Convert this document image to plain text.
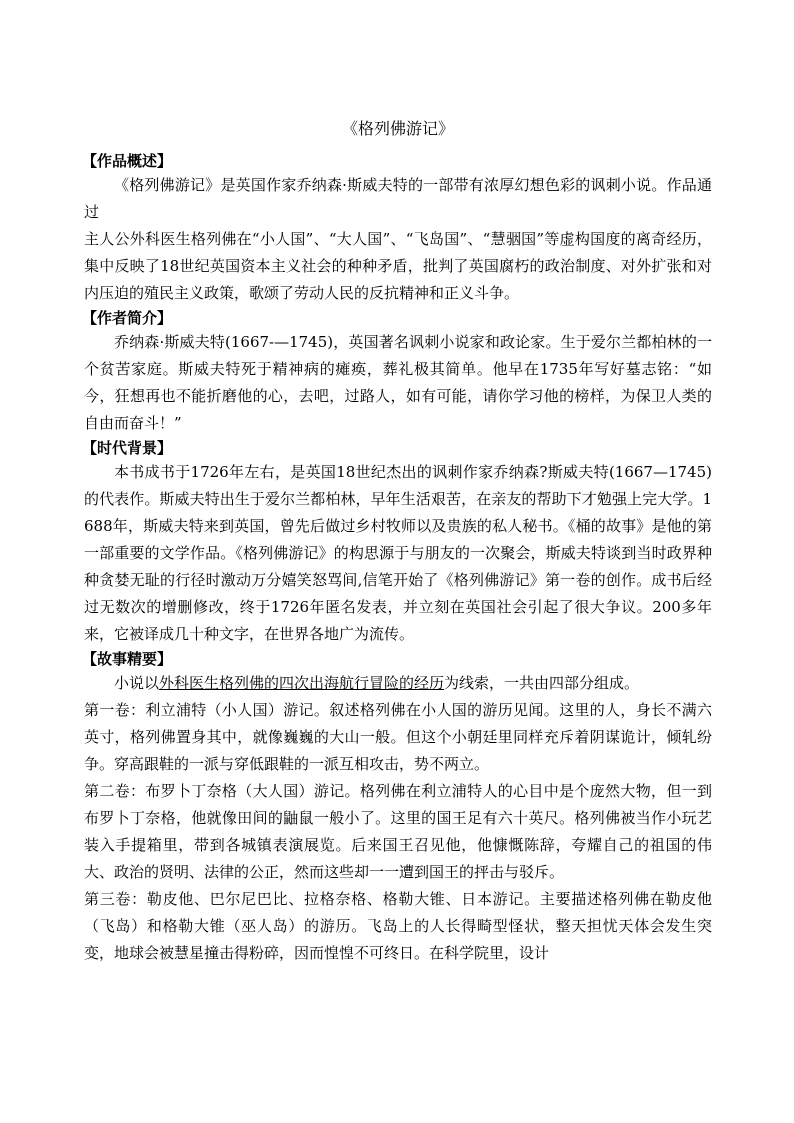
《格列佛游记》
【作品概述】
《格列佛游记》是英国作家乔纳森·斯威夫特的一部带有浓厚幻想色彩的讽刺小说。作品通过
主人公外科医生格列佛在“小人国”、“大人国”、“飞岛国”、“慧骃国”等虚构国度的离奇经历，集中反映了18世纪英国资本主义社会的种种矛盾，批判了英国腐朽的政治制度、对外扩张和对内压迫的殖民主义政策，歌颂了劳动人民的反抗精神和正义斗争。
【作者简介】
乔纳森·斯威夫特(1667-—1745)，英国著名讽刺小说家和政论家。生于爱尔兰都柏林的一个贫苦家庭。斯威夫特死于精神病的瘫痪，葬礼极其简单。他早在1735年写好墓志铭：“如今，狂想再也不能折磨他的心，去吧，过路人，如有可能，请你学习他的榜样，为保卫人类的自由而奋斗！”
【时代背景】
本书成书于1726年左右，是英国18世纪杰出的讽刺作家乔纳森?斯威夫特(1667—1745)的代表作。斯威夫特出生于爱尔兰都柏林，早年生活艰苦，在亲友的帮助下才勉强上完大学。1688年，斯威夫特来到英国，曾先后做过乡村牧师以及贵族的私人秘书。《桶的故事》是他的第一部重要的文学作品。《格列佛游记》的构思源于与朋友的一次聚会，斯威夫特谈到当时政界种种贪婪无耻的行径时激动万分嬉笑怒骂间,信笔开始了《格列佛游记》第一卷的创作。成书后经过无数次的增删修改，终于1726年匿名发表，并立刻在英国社会引起了很大争议。200多年来，它被译成几十种文字，在世界各地广为流传。
【故事精要】
小说以外科医生格列佛的四次出海航行冒险的经历为线索，一共由四部分组成。
第一卷：利立浦特（小人国）游记。叙述格列佛在小人国的游历见闻。这里的人，身长不满六英寸，格列佛置身其中，就像巍巍的大山一般。但这个小朝廷里同样充斥着阴谋诡计，倾轧纷争。穿高跟鞋的一派与穿低跟鞋的一派互相攻击，势不两立。
第二卷：布罗卜丁奈格（大人国）游记。格列佛在利立浦特人的心目中是个庞然大物，但一到布罗卜丁奈格，他就像田间的鼬鼠一般小了。这里的国王足有六十英尺。格列佛被当作小玩艺装入手提箱里，带到各城镇表演展览。后来国王召见他，他慷慨陈辞，夸耀自己的祖国的伟大、政治的贤明、法律的公正，然而这些却一一遭到国王的抨击与驳斥。
第三卷：勒皮他、巴尔尼巴比、拉格奈格、格勒大锥、日本游记。主要描述格列佛在勒皮他（飞岛）和格勒大锥（巫人岛）的游历。飞岛上的人长得畸型怪状，整天担忧天体会发生突变，地球会被慧星撞击得粉碎，因而惶惶不可终日。在科学院里，设计
